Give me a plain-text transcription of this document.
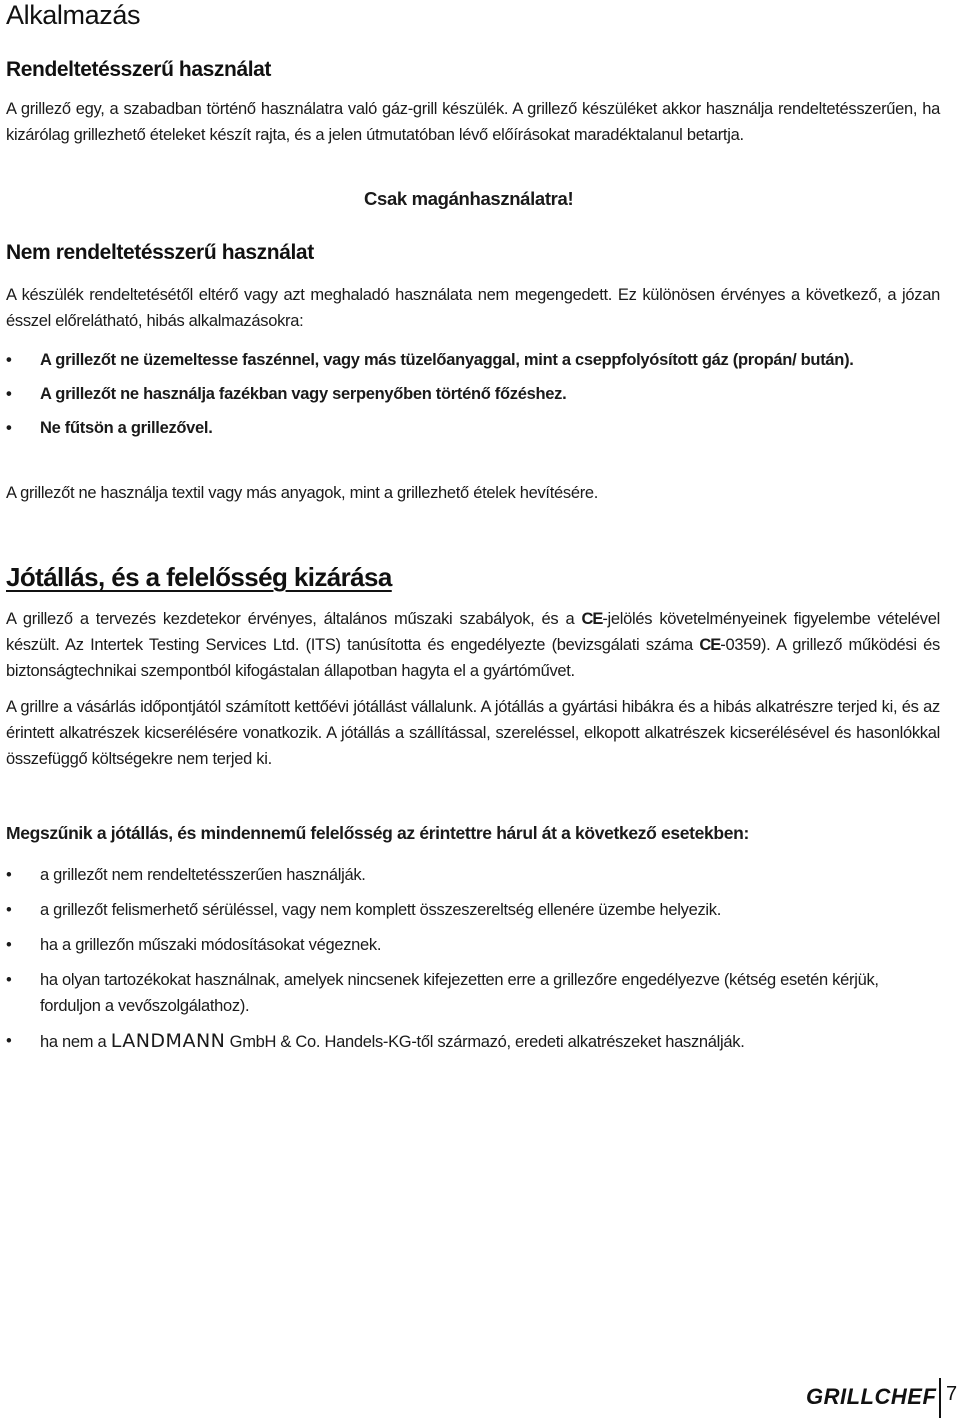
Alkalmazás
Rendeltetésszerű használat
A grillező egy, a szabadban történő használatra való gáz-grill készülék. A grillező készüléket akkor használja rendeltetésszerűen, ha kizárólag grillezhető ételeket készít rajta, és a jelen útmutatóban lévő előírásokat maradéktalanul betartja.
Csak magánhasználatra!
Nem rendeltetésszerű használat
A készülék rendeltetésétől eltérő vagy azt meghaladó használata nem megengedett. Ez különösen érvényes a következő, a józan ésszel előrelátható, hibás alkalmazásokra:
• A grillezőt ne üzemeltesse faszénnel, vagy más tüzelőanyaggal, mint a cseppfolyósított gáz (propán/ bután).
• A grillezőt ne használja fazékban vagy serpenyőben történő főzéshez.
• Ne fűtsön a grillezővel.
A grillezőt ne használja textil vagy más anyagok, mint a grillezhető ételek hevítésére.
Jótállás, és a felelősség kizárása
A grillező a tervezés kezdetekor érvényes, általános műszaki szabályok, és a CE-jelölés követelményeinek figyelembe vételével készült. Az Intertek Testing Services Ltd. (ITS) tanúsította és engedélyezte (bevizsgálati száma CE-0359). A grillező működési és biztonságtechnikai szempontból kifogástalan állapotban hagyta el a gyártóművet.
A grillre a vásárlás időpontjától számított kettőévi jótállást vállalunk. A jótállás a gyártási hibákra és a hibás alkatrészre terjed ki, és az érintett alkatrészek kicserélésére vonatkozik. A jótállás a szállítással, szereléssel, elkopott alkatrészek kicserélésével és hasonlókkal összefüggő költségekre nem terjed ki.
Megszűnik a jótállás, és mindennemű felelősség az érintettre hárul át a következő esetekben:
• a grillezőt nem rendeltetésszerűen használják.
• a grillezőt felismerhető sérüléssel, vagy nem komplett összeszereltség ellenére üzembe helyezik.
• ha a grillezőn műszaki módosításokat végeznek.
• ha olyan tartozékokat használnak, amelyek nincsenek kifejezetten erre a grillezőre engedélyezve (kétség esetén kérjük, forduljon a vevőszolgálathoz).
• ha nem a LANDMANN GmbH & Co. Handels-KG-től származó, eredeti alkatrészeket használják.
GRILLCHEF 7
